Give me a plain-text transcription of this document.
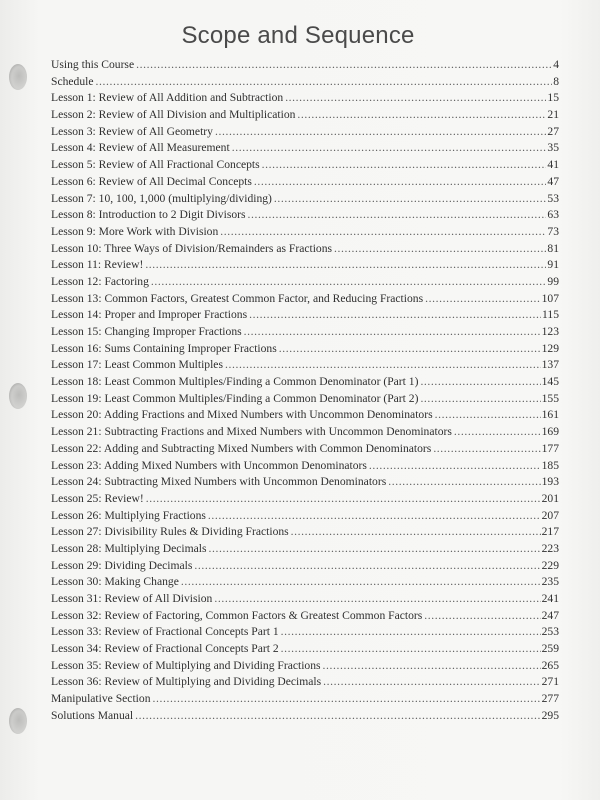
Scope and Sequence
Using this Course .....	4
Schedule .....	8
Lesson 1: Review of All Addition and Subtraction .....	15
Lesson 2: Review of All Division and Multiplication .....	21
Lesson 3: Review of All Geometry .....	27
Lesson 4: Review of All Measurement .....	35
Lesson 5: Review of All Fractional Concepts .....	41
Lesson 6: Review of All Decimal Concepts .....	47
Lesson 7: 10, 100, 1,000 (multiplying/dividing) .....	53
Lesson 8: Introduction to 2 Digit Divisors .....	63
Lesson 9: More Work with Division .....	73
Lesson 10: Three Ways of Division/Remainders as Fractions .....	81
Lesson 11: Review! .....	91
Lesson 12: Factoring .....	99
Lesson 13: Common Factors, Greatest Common Factor, and Reducing Fractions .....	107
Lesson 14: Proper and Improper Fractions .....	115
Lesson 15: Changing Improper Fractions .....	123
Lesson 16: Sums Containing Improper Fractions .....	129
Lesson 17: Least Common Multiples .....	137
Lesson 18: Least Common Multiples/Finding a Common Denominator (Part 1) .....	145
Lesson 19: Least Common Multiples/Finding a Common Denominator (Part 2) .....	155
Lesson 20: Adding Fractions and Mixed Numbers with Uncommon Denominators .....	161
Lesson 21: Subtracting Fractions and Mixed Numbers with Uncommon Denominators .....	169
Lesson 22: Adding and Subtracting Mixed Numbers with Common Denominators .....	177
Lesson 23: Adding Mixed Numbers with Uncommon Denominators .....	185
Lesson 24: Subtracting Mixed Numbers with Uncommon Denominators .....	193
Lesson 25: Review! .....	201
Lesson 26: Multiplying Fractions .....	207
Lesson 27: Divisibility Rules & Dividing Fractions .....	217
Lesson 28: Multiplying Decimals .....	223
Lesson 29: Dividing Decimals .....	229
Lesson 30: Making Change .....	235
Lesson 31: Review of All Division .....	241
Lesson 32: Review of Factoring, Common Factors & Greatest Common Factors .....	247
Lesson 33: Review of Fractional Concepts Part 1 .....	253
Lesson 34: Review of Fractional Concepts Part 2 .....	259
Lesson 35: Review of Multiplying and Dividing Fractions .....	265
Lesson 36: Review of Multiplying and Dividing Decimals .....	271
Manipulative Section .....	277
Solutions Manual .....	295
